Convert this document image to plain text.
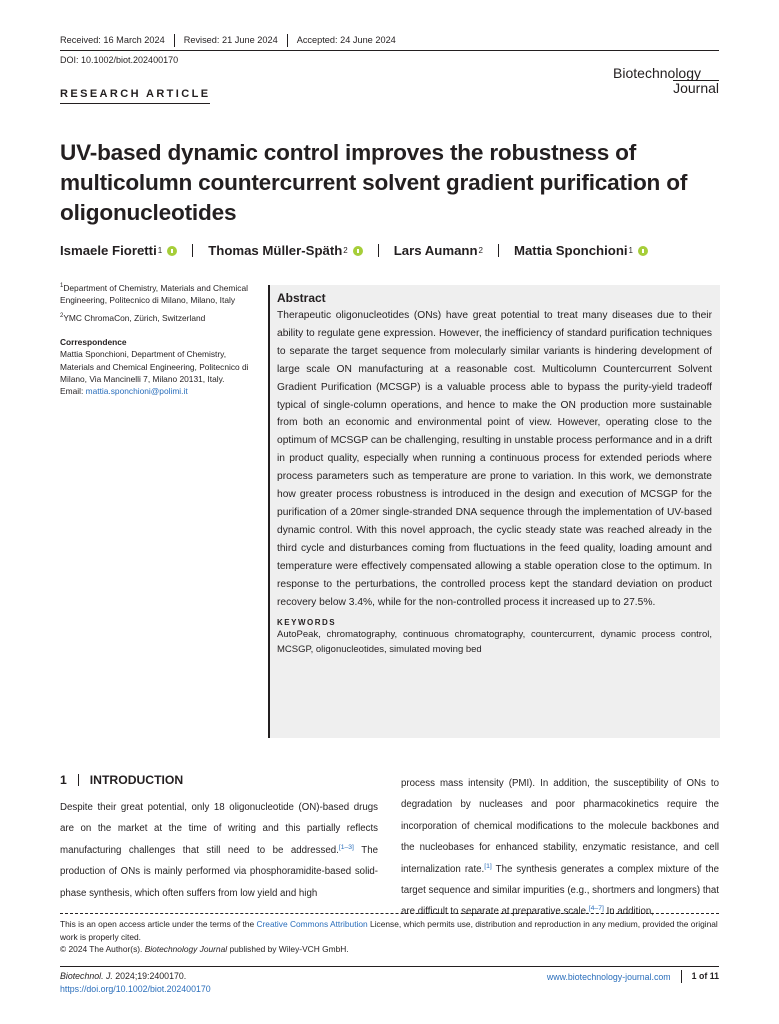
Received: 16 March 2024	Revised: 21 June 2024	Accepted: 24 June 2024
DOI: 10.1002/biot.202400170
Biotechnology
Journal
RESEARCH ARTICLE
UV-based dynamic control improves the robustness of multicolumn countercurrent solvent gradient purification of oligonucleotides
Ismaele Fioretti 1	Thomas Müller-Späth 2	Lars Aumann 2 Mattia Sponchioni 1

$^1$Department of Chemistry, Materials and Chemical Engineering, Politecnico di Milano, Milano, Italy

$^2$YMC ChromaCon, Zürich, Switzerland

Correspondence

Mattia Sponchioni, Department of Chemistry, Materials and Chemical Engineering, Politecnico di Milano, Via Mancinelli 7, Milano 20131, Italy.

Email: mattia.sponchioni@polimi.it

Abstract

Therapeutic oligonucleotides (ONs) have great potential to treat many diseases due to their ability to regulate gene expression. However, the inefficiency of standard purification techniques to separate the target sequence from molecularly similar variants is hindering development of large scale ON manufacturing at a reasonable cost. Multicolumn Countercurrent Solvent Gradient Purification (MCSGP) is a valuable process able to bypass the purity-yield tradeoff typical of single-column operations, and hence to make the ON production more sustainable from both an economic and environmental point of view. However, operating close to the optimum of MCSGP can be challenging, resulting in unstable process performance and in a drift in product quality, especially when running a continuous process for extended periods where process parameters such as temperature are prone to variation. In this work, we demonstrate how greater process robustness is introduced in the design and execution of MCSGP for the purification of a 20mer single-stranded DNA sequence through the implementation of UV-based dynamic control. With this novel approach, the cyclic steady state was reached already in the third cycle and disturbances coming from fluctuations in the feed quality, loading amount and temperature were effectively compensated allowing a stable operation close to the optimum. In response to the perturbations, the controlled process kept the standard deviation on product recovery below 3.4%, while for the non-controlled process it increased up to 27.5%.

KEYWORDS

AutoPeak, chromatography, continuous chromatography, countercurrent, dynamic process control, MCSGP, oligonucleotides, simulated moving bed

1 INTRODUCTION

Despite their great potential, only 18 oligonucleotide (ON)-based drugs are on the market at the time of writing and this partially reflects manufacturing challenges that still need to be addressed.[1–3] The production of ONs is mainly performed via phosphoramidite-based solid-phase synthesis, which often suffers from low yield and high

process mass intensity (PMI). In addition, the susceptibility of ONs to degradation by nucleases and poor pharmacokinetics require the incorporation of chemical modifications to the molecule backbones and the nucleobases for enhanced stability, enzymatic resistance, and cell internalization rate.[1] The synthesis generates a complex mixture of the target sequence and similar impurities (e.g., shortmers and longmers) that are difficult to separate at preparative scale.[4–7] In addition,

This is an open access article under the terms of the Creative Commons Attribution License, which permits use, distribution and reproduction in any medium, provided the original work is properly cited.

© 2024 The Author(s). Biotechnology Journal published by Wiley-VCH GmbH.

Biotechnol. J. 2024;19:2400170.

https://doi.org/10.1002/biot.202400170

www.biotechnology-journal.com	1 of 11
